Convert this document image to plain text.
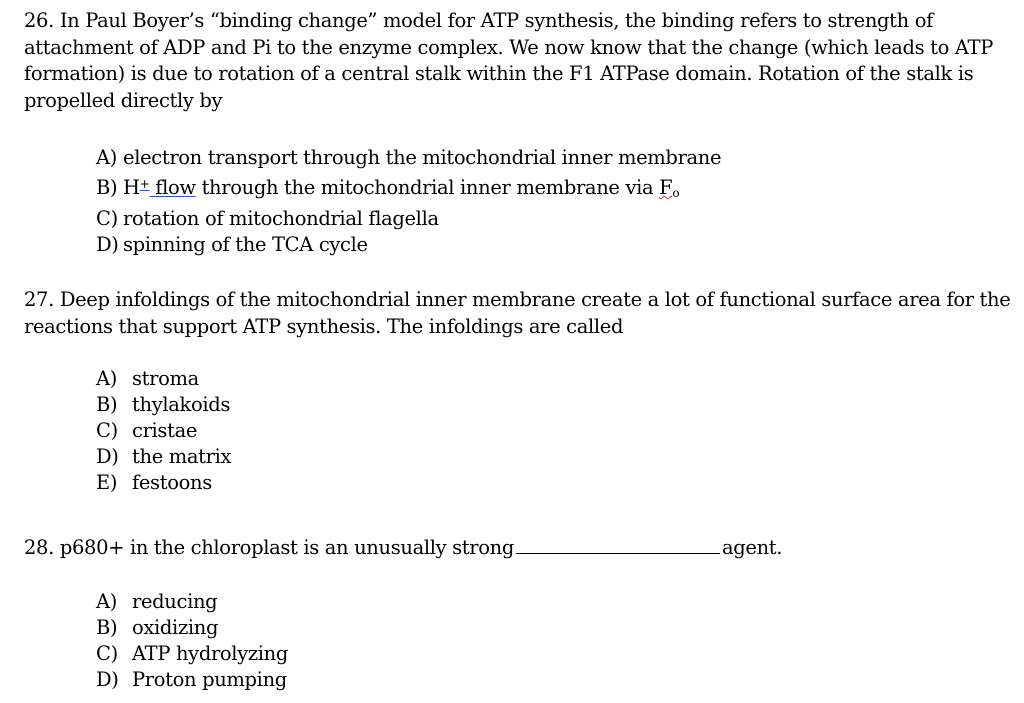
26. In Paul Boyer’s “binding change” model for ATP synthesis, the binding refers to strength of attachment of ADP and Pi to the enzyme complex. We now know that the change (which leads to ATP formation) is due to rotation of a central stalk within the F1 ATPase domain. Rotation of the stalk is propelled directly by

A) electron transport through the mitochondrial inner membrane
B) H+ flow through the mitochondrial inner membrane via $F_o$
C) rotation of mitochondrial flagella
D) spinning of the TCA cycle

27. Deep infoldings of the mitochondrial inner membrane create a lot of functional surface area for the reactions that support ATP synthesis. The infoldings are called

A) stroma
B) thylakoids
C) cristae
D) the matrix
E) festoons

28. p680+ in the chloroplast is an unusually strong	agent.

A) reducing
B) oxidizing
C) ATP hydrolyzing
D) Proton pumping
